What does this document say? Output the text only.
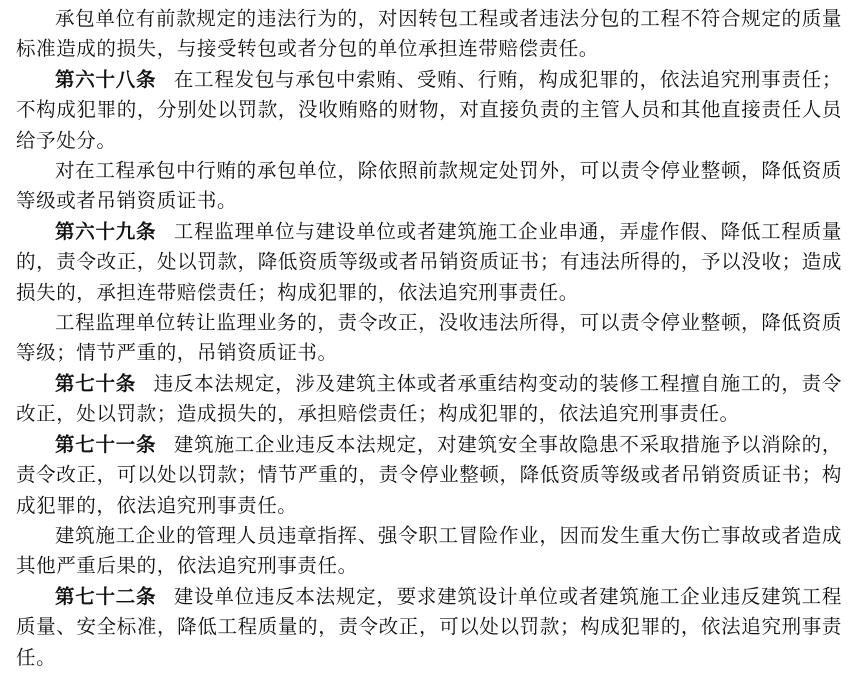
承包单位有前款规定的违法行为的，对因转包工程或者违法分包的工程不符合规定的质量标准造成的损失，与接受转包或者分包的单位承担连带赔偿责任。

第六十八条 在工程发包与承包中索贿、受贿、行贿，构成犯罪的，依法追究刑事责任；不构成犯罪的，分别处以罚款，没收贿赂的财物，对直接负责的主管人员和其他直接责任人员给予处分。

对在工程承包中行贿的承包单位，除依照前款规定处罚外，可以责令停业整顿，降低资质等级或者吊销资质证书。

第六十九条 工程监理单位与建设单位或者建筑施工企业串通，弄虚作假、降低工程质量的，责令改正，处以罚款，降低资质等级或者吊销资质证书；有违法所得的，予以没收；造成损失的，承担连带赔偿责任；构成犯罪的，依法追究刑事责任。

工程监理单位转让监理业务的，责令改正，没收违法所得，可以责令停业整顿，降低资质等级；情节严重的，吊销资质证书。

第七十条 违反本法规定，涉及建筑主体或者承重结构变动的装修工程擅自施工的，责令改正，处以罚款；造成损失的，承担赔偿责任；构成犯罪的，依法追究刑事责任。

第七十一条 建筑施工企业违反本法规定，对建筑安全事故隐患不采取措施予以消除的，责令改正，可以处以罚款；情节严重的，责令停业整顿，降低资质等级或者吊销资质证书；构成犯罪的，依法追究刑事责任。

建筑施工企业的管理人员违章指挥、强令职工冒险作业，因而发生重大伤亡事故或者造成其他严重后果的，依法追究刑事责任。

第七十二条 建设单位违反本法规定，要求建筑设计单位或者建筑施工企业违反建筑工程质量、安全标准，降低工程质量的，责令改正，可以处以罚款；构成犯罪的，依法追究刑事责任。
